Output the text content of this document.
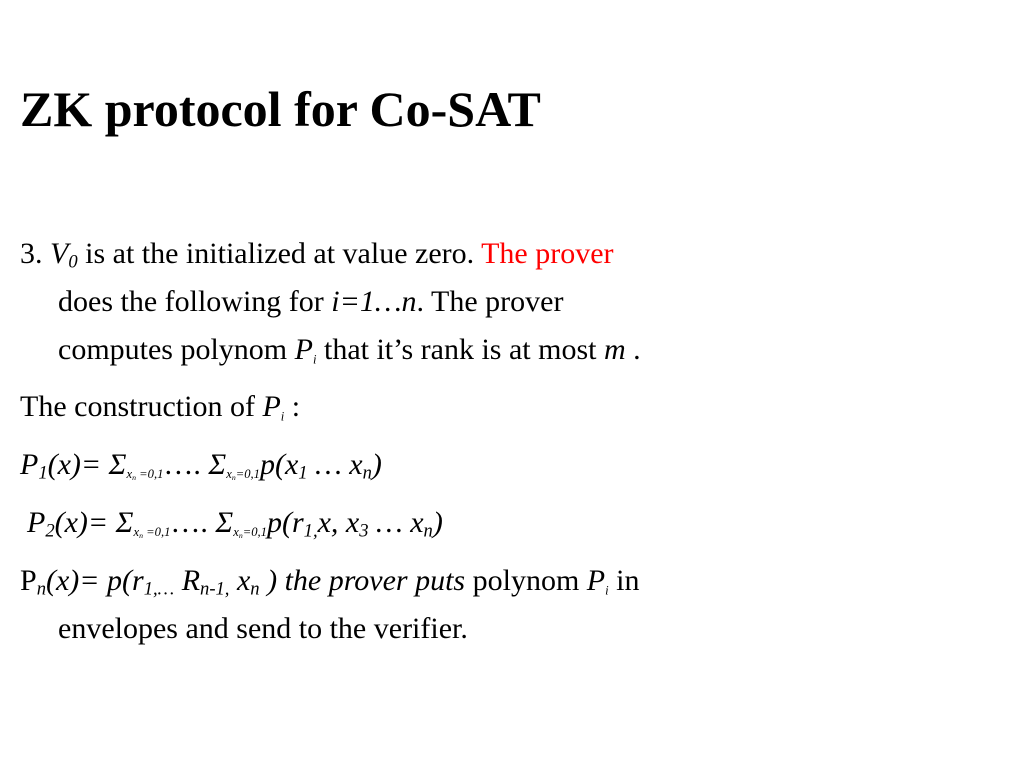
ZK protocol for Co-SAT
3. $V_0$ is at the initialized at value zero. The prover
does the following for i=1…n. The prover
computes polynom Pi that it’s rank is at most m .
The construction of Pi :
$P_1(x)= \Sigma x_n$ =0,1…. $\Sigma x_n=0,1p(x_1$ … $x_n$)
$P_2(x)= \Sigma x_n$ =0,1…. $\Sigma x_n=0,1p(r_{1,}x$, $x_3$ … $x_n$)
$P_n(x)= p(r_{1,\dots}$ $R_{n-1,}$ $x_n$ ) the prover puts polynom Pi in
envelopes and send to the verifier.
